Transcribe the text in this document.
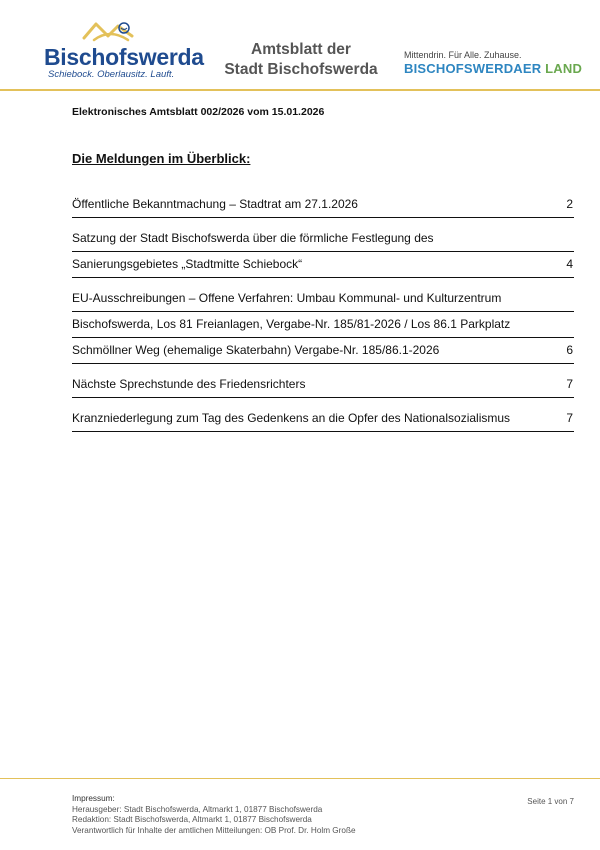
Bischofswerda
Schiebock. Oberlausitz. Lauft.
Amtsblatt der
Stadt Bischofswerda
Mittendrin. Für Alle. Zuhause.
BISCHOFSWERDAER LAND
Elektronisches Amtsblatt 002/2026 vom 15.01.2026
Die Meldungen im Überblick:
Öffentliche Bekanntmachung – Stadtrat am 27.1.2026	2
Satzung der Stadt Bischofswerda über die förmliche Festlegung des
Sanierungsgebietes „Stadtmitte Schiebock“	4
EU-Ausschreibungen – Offene Verfahren: Umbau Kommunal- und Kulturzentrum
Bischofswerda, Los 81 Freianlagen, Vergabe-Nr. 185/81-2026 / Los 86.1 Parkplatz
Schmöllner Weg (ehemalige Skaterbahn) Vergabe-Nr. 185/86.1-2026	6
Nächste Sprechstunde des Friedensrichters	7
Kranzniederlegung zum Tag des Gedenkens an die Opfer des Nationalsozialismus	7
Impressum:
Herausgeber: Stadt Bischofswerda, Altmarkt 1, 01877 Bischofswerda
Redaktion: Stadt Bischofswerda, Altmarkt 1, 01877 Bischofswerda
Verantwortlich für Inhalte der amtlichen Mitteilungen: OB Prof. Dr. Holm Große
Seite 1 von 7
